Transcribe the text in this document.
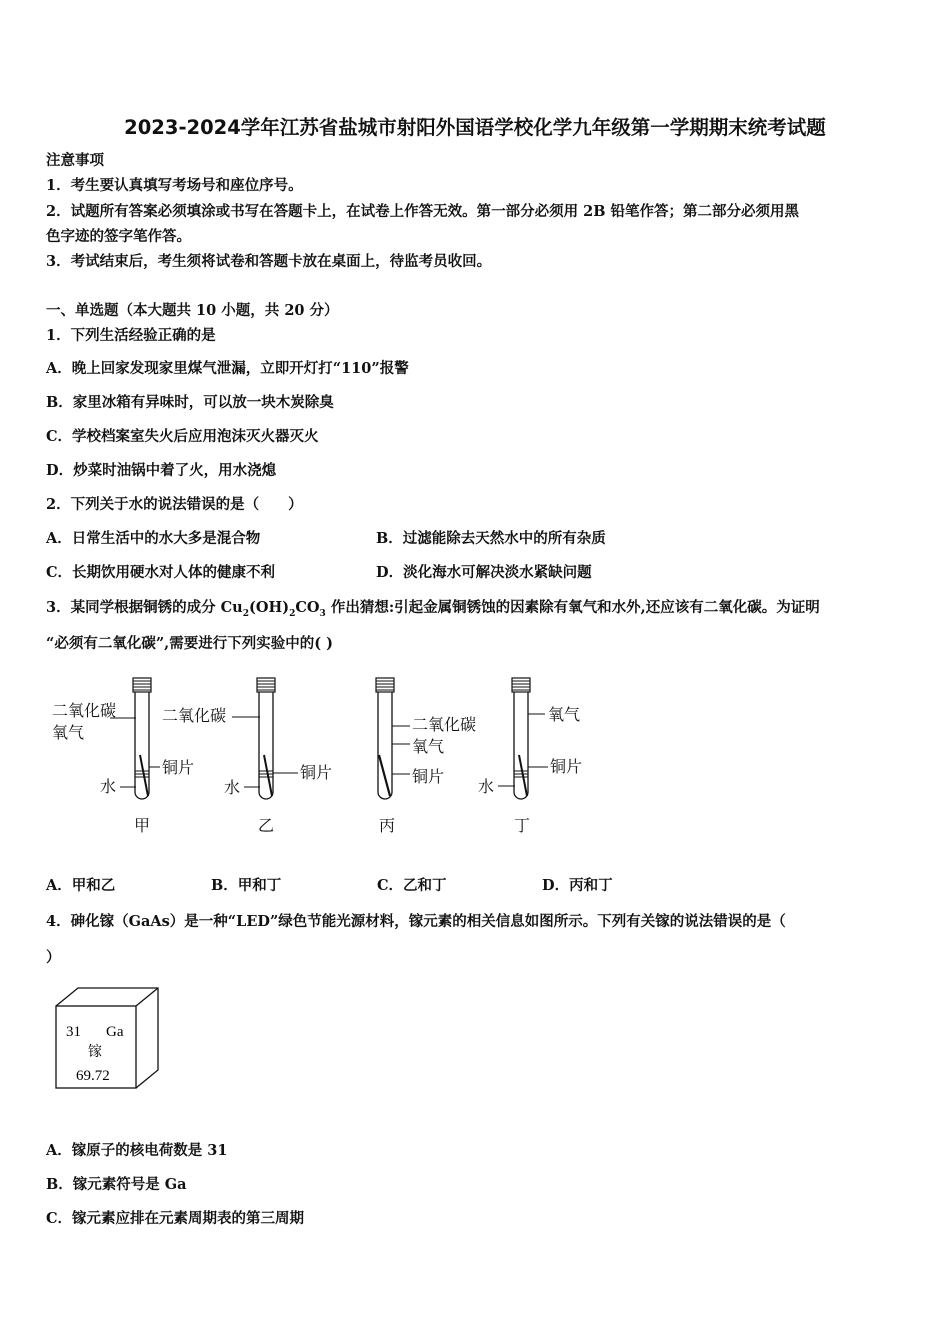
2023-2024学年江苏省盐城市射阳外国语学校化学九年级第一学期期末统考试题
注意事项
1．考生要认真填写考场号和座位序号。
2．试题所有答案必须填涂或书写在答题卡上，在试卷上作答无效。第一部分必须用 2B 铅笔作答；第二部分必须用黑
色字迹的签字笔作答。
3．考试结束后，考生须将试卷和答题卡放在桌面上，待监考员收回。
一、单选题（本大题共 10 小题，共 20 分）
1．下列生活经验正确的是
A．晚上回家发现家里煤气泄漏，立即开灯打“110”报警
B．家里冰箱有异味时，可以放一块木炭除臭
C．学校档案室失火后应用泡沫灭火器灭火
D．炒菜时油锅中着了火，用水浇熄
2．下列关于水的说法错误的是（　　）
A．日常生活中的水大多是混合物	B．过滤能除去天然水中的所有杂质
C．长期饮用硬水对人体的健康不利	D．淡化海水可解决淡水紧缺问题
3．某同学根据铜锈的成分 $Cu_2(OH)_2CO_3$ 作出猜想:引起金属铜锈蚀的因素除有氧气和水外,还应该有二氧化碳。为证明
“必须有二氧化碳”,需要进行下列实验中的( )
二氧化碳
氧气
铜片
水
甲
二氧化碳
铜片
水
乙
二氧化碳
氧气
铜片
丙
氧气
铜片
水
丁
A．甲和乙	B．甲和丁	C．乙和丁	D．丙和丁
4．砷化镓（GaAs）是一种“LED”绿色节能光源材料，镓元素的相关信息如图所示。下列有关镓的说法错误的是（
）
31 Ga
镓
69.72
A．镓原子的核电荷数是 31
B．镓元素符号是 Ga
C．镓元素应排在元素周期表的第三周期
